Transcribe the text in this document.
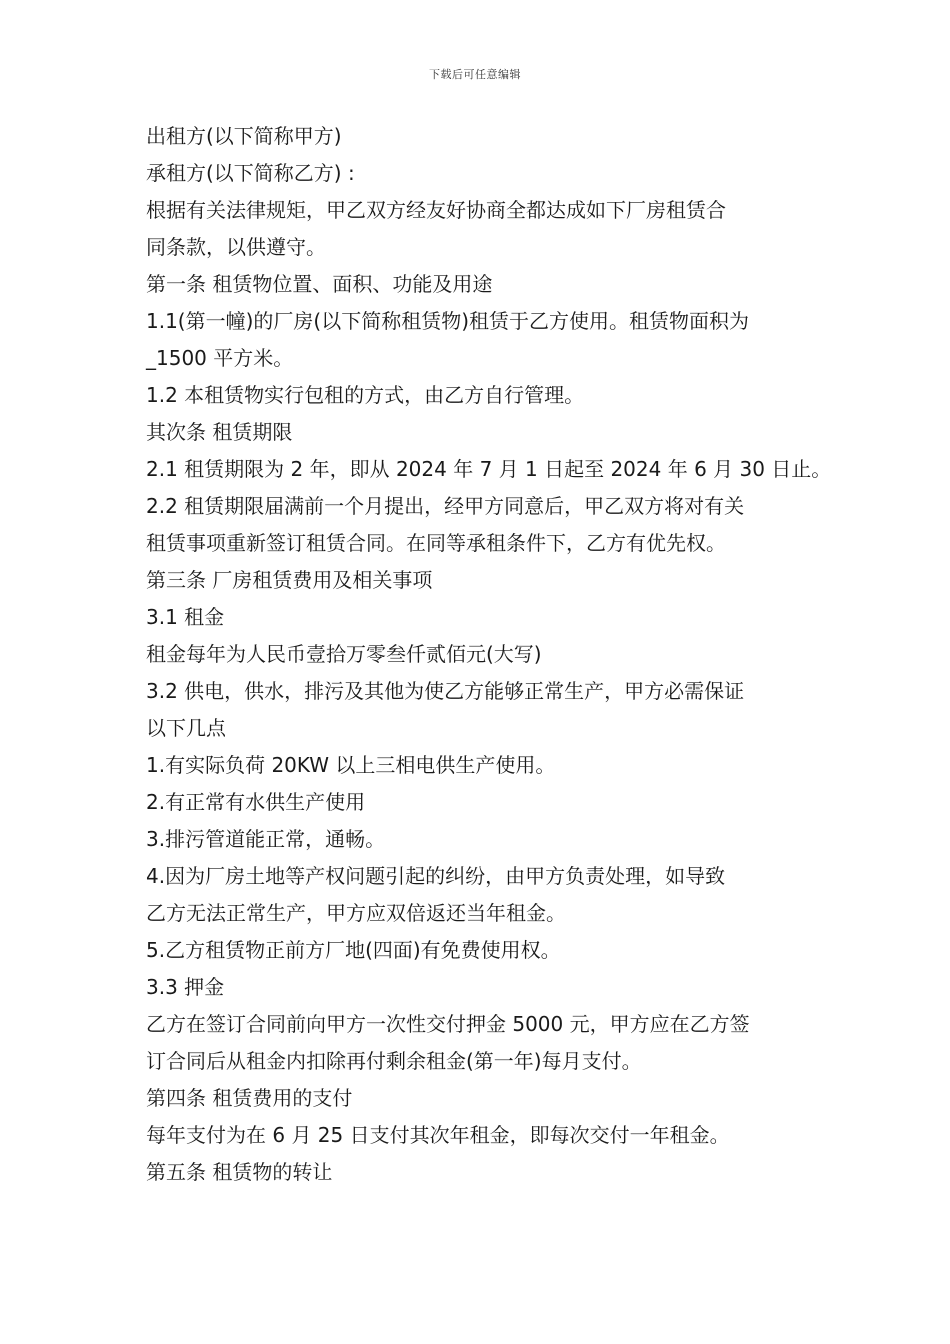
下载后可任意编辑
出租方(以下简称甲方)
承租方(以下简称乙方) :
根据有关法律规矩，甲乙双方经友好协商全都达成如下厂房租赁合
同条款，以供遵守。
第一条 租赁物位置、面积、功能及用途
1.1(第一幢)的厂房(以下简称租赁物)租赁于乙方使用。租赁物面积为
_1500 平方米。
1.2 本租赁物实行包租的方式，由乙方自行管理。
其次条 租赁期限
2.1 租赁期限为 2 年，即从 2024 年 7 月 1 日起至 2024 年 6 月 30 日止。
2.2 租赁期限届满前一个月提出，经甲方同意后，甲乙双方将对有关
租赁事项重新签订租赁合同。在同等承租条件下，乙方有优先权。
第三条 厂房租赁费用及相关事项
3.1 租金
租金每年为人民币壹拾万零叁仟贰佰元(大写)
3.2 供电，供水，排污及其他为使乙方能够正常生产，甲方必需保证
以下几点
1.有实际负荷 20KW 以上三相电供生产使用。
2.有正常有水供生产使用
3.排污管道能正常，通畅。
4.因为厂房土地等产权问题引起的纠纷，由甲方负责处理，如导致
乙方无法正常生产，甲方应双倍返还当年租金。
5.乙方租赁物正前方厂地(四面)有免费使用权。
3.3 押金
乙方在签订合同前向甲方一次性交付押金 5000 元，甲方应在乙方签
订合同后从租金内扣除再付剩余租金(第一年)每月支付。
第四条 租赁费用的支付
每年支付为在 6 月 25 日支付其次年租金，即每次交付一年租金。
第五条 租赁物的转让
